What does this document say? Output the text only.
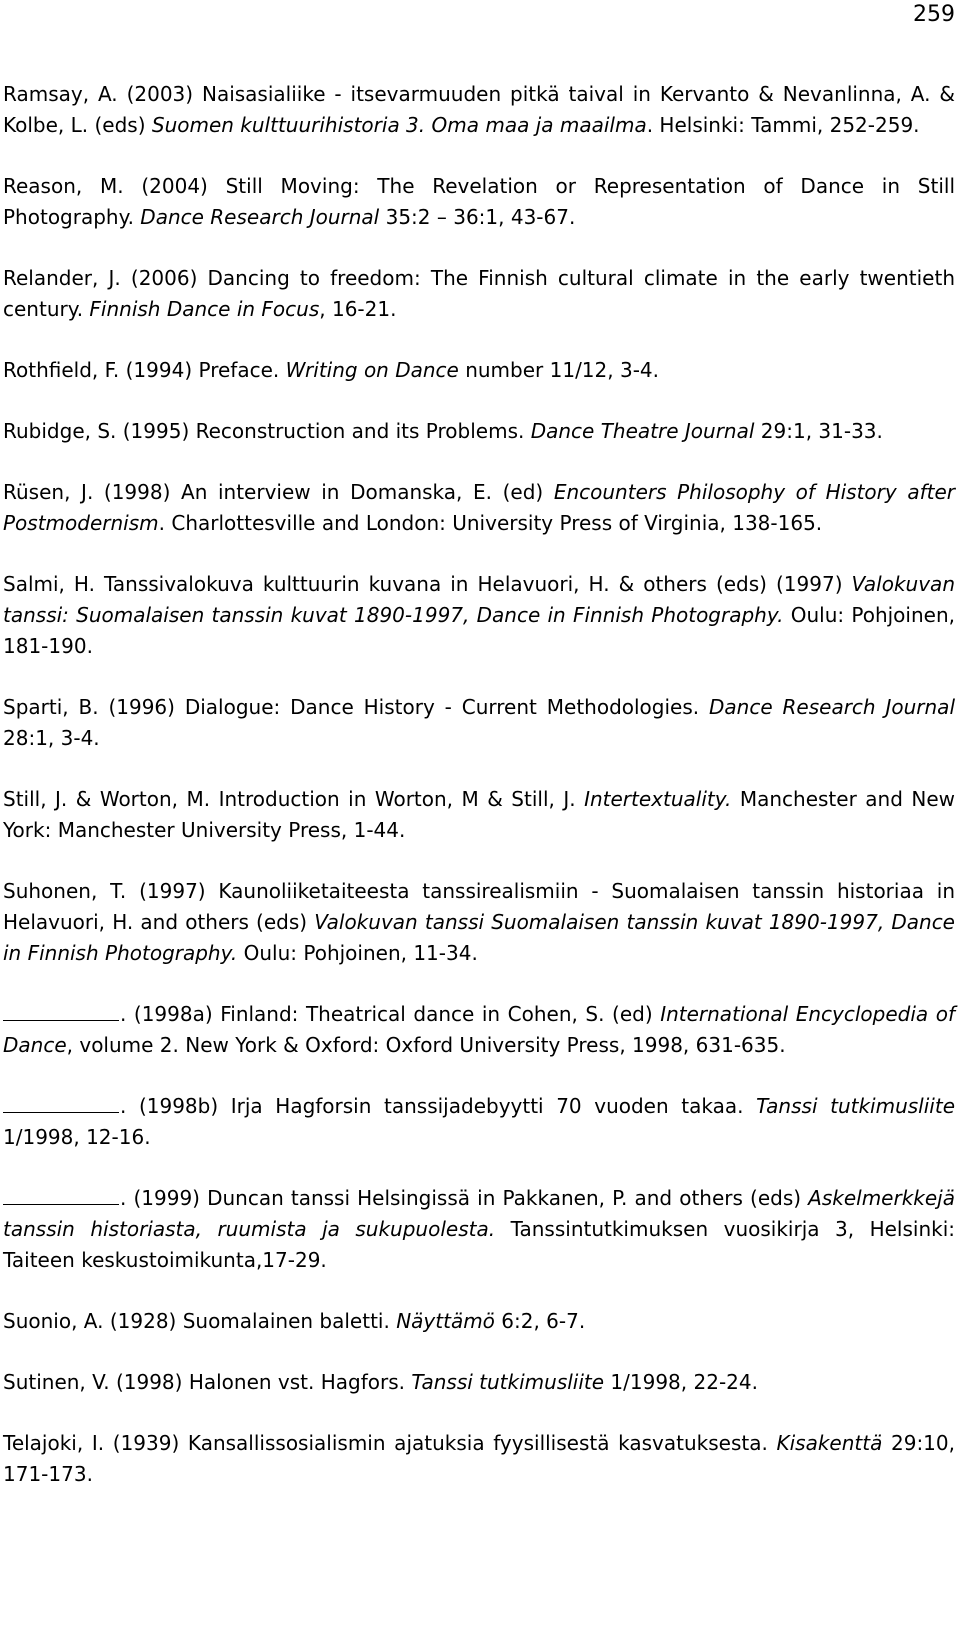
259

Ramsay, A. (2003) Naisasialiike - itsevarmuuden pitkä taival in Kervanto & Nevanlinna, A. & Kolbe, L. (eds) Suomen kulttuurihistoria 3. Oma maa ja maailma. Helsinki: Tammi, 252-259.

Reason, M. (2004) Still Moving: The Revelation or Representation of Dance in Still Photography. Dance Research Journal 35:2 – 36:1, 43-67.

Relander, J. (2006) Dancing to freedom: The Finnish cultural climate in the early twentieth century. Finnish Dance in Focus, 16-21.

Rothfield, F. (1994) Preface. Writing on Dance number 11/12, 3-4.

Rubidge, S. (1995) Reconstruction and its Problems. Dance Theatre Journal 29:1, 31-33.

Rüsen, J. (1998) An interview in Domanska, E. (ed) Encounters Philosophy of History after Postmodernism. Charlottesville and London: University Press of Virginia, 138-165.

Salmi, H. Tanssivalokuva kulttuurin kuvana in Helavuori, H. & others (eds) (1997) Valokuvan tanssi: Suomalaisen tanssin kuvat 1890-1997, Dance in Finnish Photography. Oulu: Pohjoinen, 181-190.

Sparti, B. (1996) Dialogue: Dance History - Current Methodologies. Dance Research Journal 28:1, 3-4.

Still, J. & Worton, M. Introduction in Worton, M & Still, J. Intertextuality. Manchester and New York: Manchester University Press, 1-44.

Suhonen, T. (1997) Kaunoliiketaiteesta tanssirealismiin - Suomalaisen tanssin historiaa in Helavuori, H. and others (eds) Valokuvan tanssi Suomalaisen tanssin kuvat 1890-1997, Dance in Finnish Photography. Oulu: Pohjoinen, 11-34.

. (1998a) Finland: Theatrical dance in Cohen, S. (ed) International Encyclopedia of Dance, volume 2. New York & Oxford: Oxford University Press, 1998, 631-635.

. (1998b) Irja Hagforsin tanssijadebyytti 70 vuoden takaa. Tanssi tutkimusliite 1/1998, 12-16.

. (1999) Duncan tanssi Helsingissä in Pakkanen, P. and others (eds) Askelmerkkejä tanssin historiasta, ruumista ja sukupuolesta. Tanssintutkimuksen vuosikirja 3, Helsinki: Taiteen keskustoimikunta,17-29.

Suonio, A. (1928) Suomalainen baletti. Näyttämö 6:2, 6-7.

Sutinen, V. (1998) Halonen vst. Hagfors. Tanssi tutkimusliite 1/1998, 22-24.

Telajoki, I. (1939) Kansallissosialismin ajatuksia fyysillisestä kasvatuksesta. Kisakenttä 29:10, 171-173.
